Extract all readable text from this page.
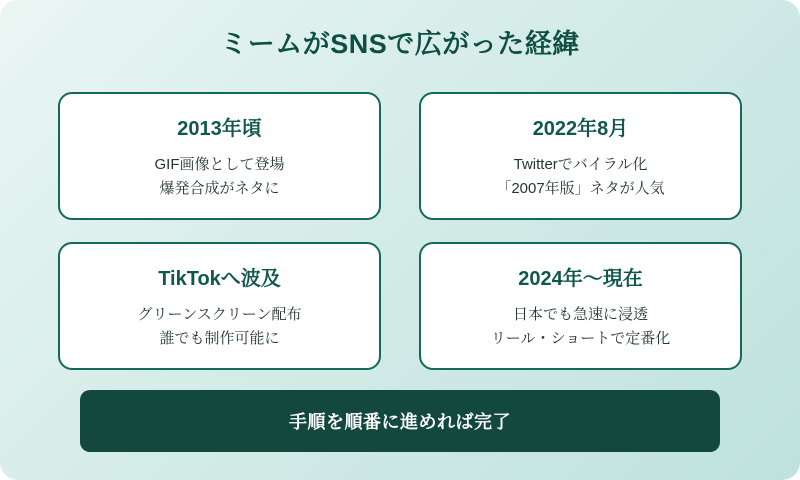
ミームがSNSで広がった経緯
2013年頃
GIF画像として登場
爆発合成がネタに
2022年8月
Twitterでバイラル化
「2007年版」ネタが人気
TikTokへ波及
グリーンスクリーン配布
誰でも制作可能に
2024年〜現在
日本でも急速に浸透
リール・ショートで定番化
手順を順番に進めれば完了
